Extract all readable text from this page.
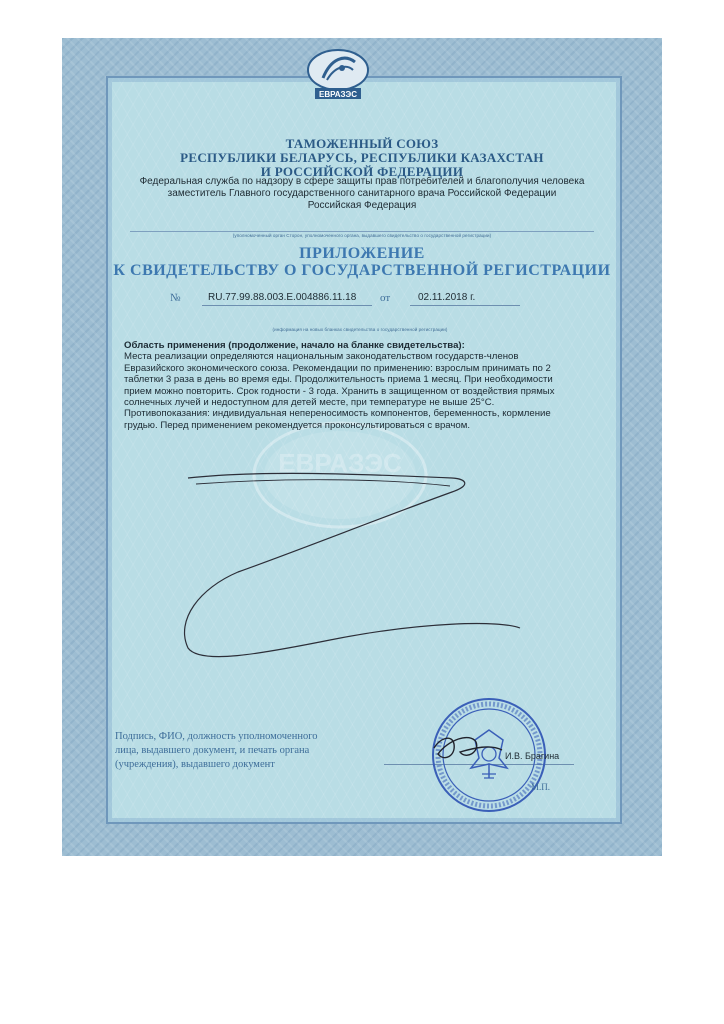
ЕВРАЗЭС
ТАМОЖЕННЫЙ СОЮЗ
РЕСПУБЛИКИ БЕЛАРУСЬ, РЕСПУБЛИКИ КАЗАХСТАН
И РОССИЙСКОЙ ФЕДЕРАЦИИ
Федеральная служба по надзору в сфере защиты прав потребителей и благополучия человека
заместитель Главного государственного санитарного врача Российской Федерации
Российская Федерация
(уполномоченный орган Сторон, уполномоченного органа, выдавшего свидетельство о государственной регистрации)
ПРИЛОЖЕНИЕ
К СВИДЕТЕЛЬСТВУ О ГОСУДАРСТВЕННОЙ РЕГИСТРАЦИИ
№	RU.77.99.88.003.E.004886.11.18 от	02.11.2018 г.
(информация на новых бланках свидетельства о государственной регистрации)
ЕВРАЗЭС

Область применения (продолжение, начало на бланке свидетельства):

Места реализации определяются национальным законодательством государств-членов

Евразийского экономического союза. Рекомендации по применению: взрослым принимать по 2

таблетки 3 раза в день во время еды. Продолжительность приема 1 месяц. При необходимости

прием можно повторить. Срок годности - 3 года. Хранить в защищенном от воздействия прямых

солнечных лучей и недоступном для детей месте, при температуре не выше 25°С.

Противопоказания: индивидуальная непереносимость компонентов, беременность, кормление

грудью. Перед применением рекомендуется проконсультироваться с врачом.

Подпись, ФИО, должность уполномоченного
лица, выдавшего документ, и печать органа
(учреждения), выдавшего документ
И.В. Брагина
М.П.
